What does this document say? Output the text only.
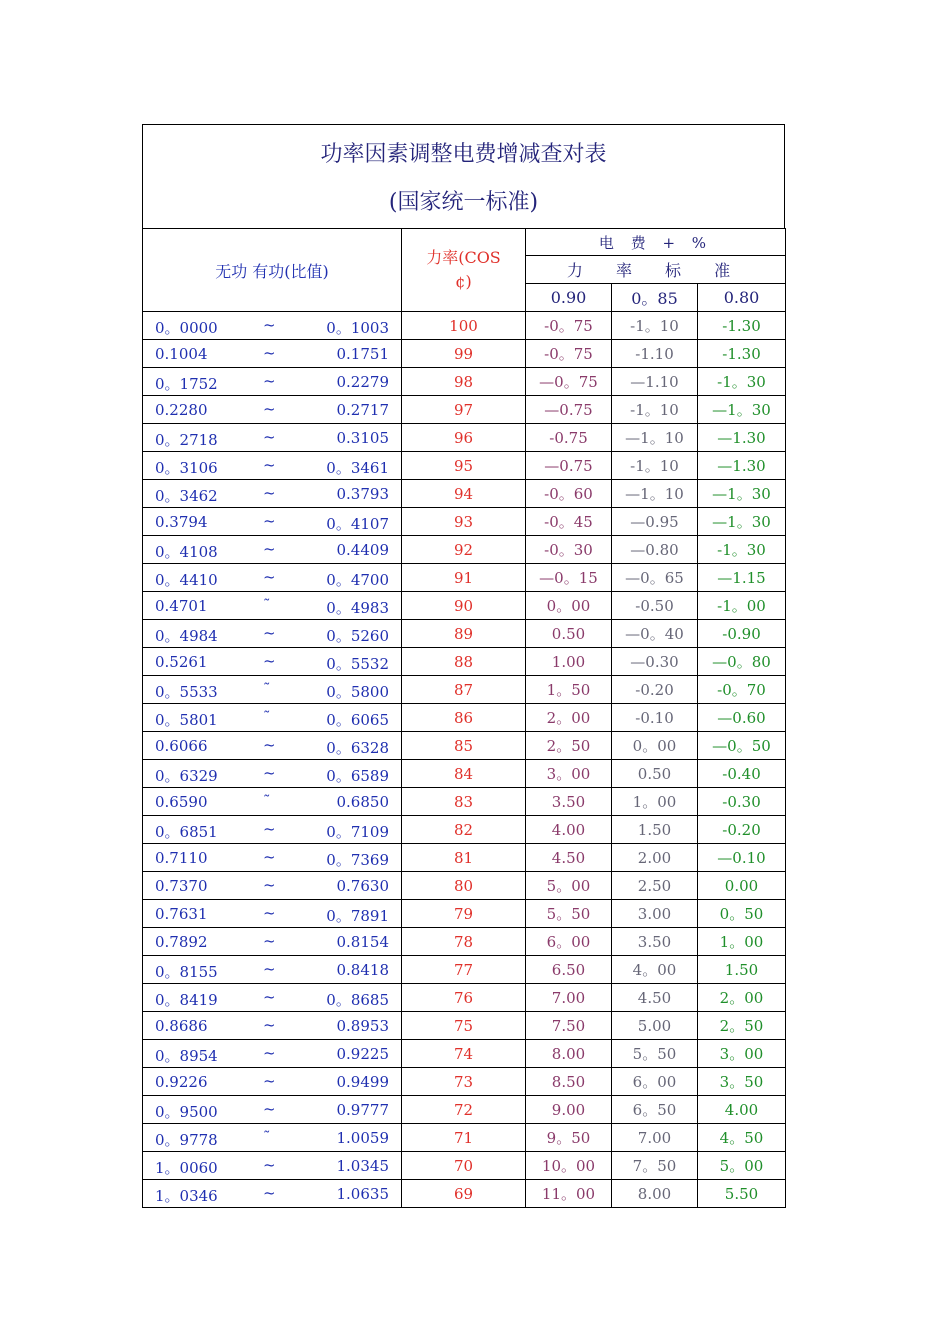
功率因素调整电费增减查对表
(国家统一标准)
无功 有功(比值)	力率(COS
¢)	电 费 + %		
		力 率 标 准		
		0.90	0。85	0.80

0。0000 ~ 0。1003	100	-0。75	-1。10	-1.30

0.1004 ~ 0.1751	99	-0。75	-1.10	-1.30

0。1752 ~ 0.2279	98	—0。75	—1.10	-1。30

0.2280 ~ 0.2717	97	—0.75	-1。10	—1。30

0。2718 ~ 0.3105	96	-0.75	—1。10	—1.30

0。3106 ~ 0。3461	95	—0.75	-1。10	—1.30

0。3462 ~ 0.3793	94	-0。60	—1。10	—1。30

0.3794 ~ 0。4107	93	-0。45	—0.95	—1。30

0。4108 ~ 0.4409	92	-0。30	—0.80	-1。30

0。4410 ~ 0。4700	91	—0。15	—0。65	—1.15

0.4701 ˜ 0。4983	90	0。00	-0.50	-1。00

0。4984 ~ 0。5260	89	0.50	—0。40	-0.90

0.5261 ~ 0。5532	88	1.00	—0.30	—0。80

0。5533 ˜ 0。5800	87	1。50	-0.20	-0。70

0。5801 ˜ 0。6065	86	2。00	-0.10	—0.60

0.6066 ~ 0。6328	85	2。50	0。00	—0。50

0。6329 ~ 0。6589	84	3。00	0.50	-0.40

0.6590 ˜ 0.6850	83	3.50	1。00	-0.30

0。6851 ~ 0。7109	82	4.00	1.50	-0.20

0.7110 ~ 0。7369	81	4.50	2.00	—0.10

0.7370 ~ 0.7630	80	5。00	2.50	0.00

0.7631 ~ 0。7891	79	5。50	3.00	0。50

0.7892 ~ 0.8154	78	6。00	3.50	1。00

0。8155 ~ 0.8418	77	6.50	4。00	1.50

0。8419 ~ 0。8685	76	7.00	4.50	2。00

0.8686 ~ 0.8953	75	7.50	5.00	2。50

0。8954 ~ 0.9225	74	8.00	5。50	3。00

0.9226 ~ 0.9499	73	8.50	6。00	3。50

0。9500 ~ 0.9777	72	9.00	6。50	4.00

0。9778 ˜ 1.0059	71	9。50	7.00	4。50

1。0060 ~ 1.0345	70	10。00	7。50	5。00

1。0346 ~ 1.0635	69	11。00	8.00	5.50
